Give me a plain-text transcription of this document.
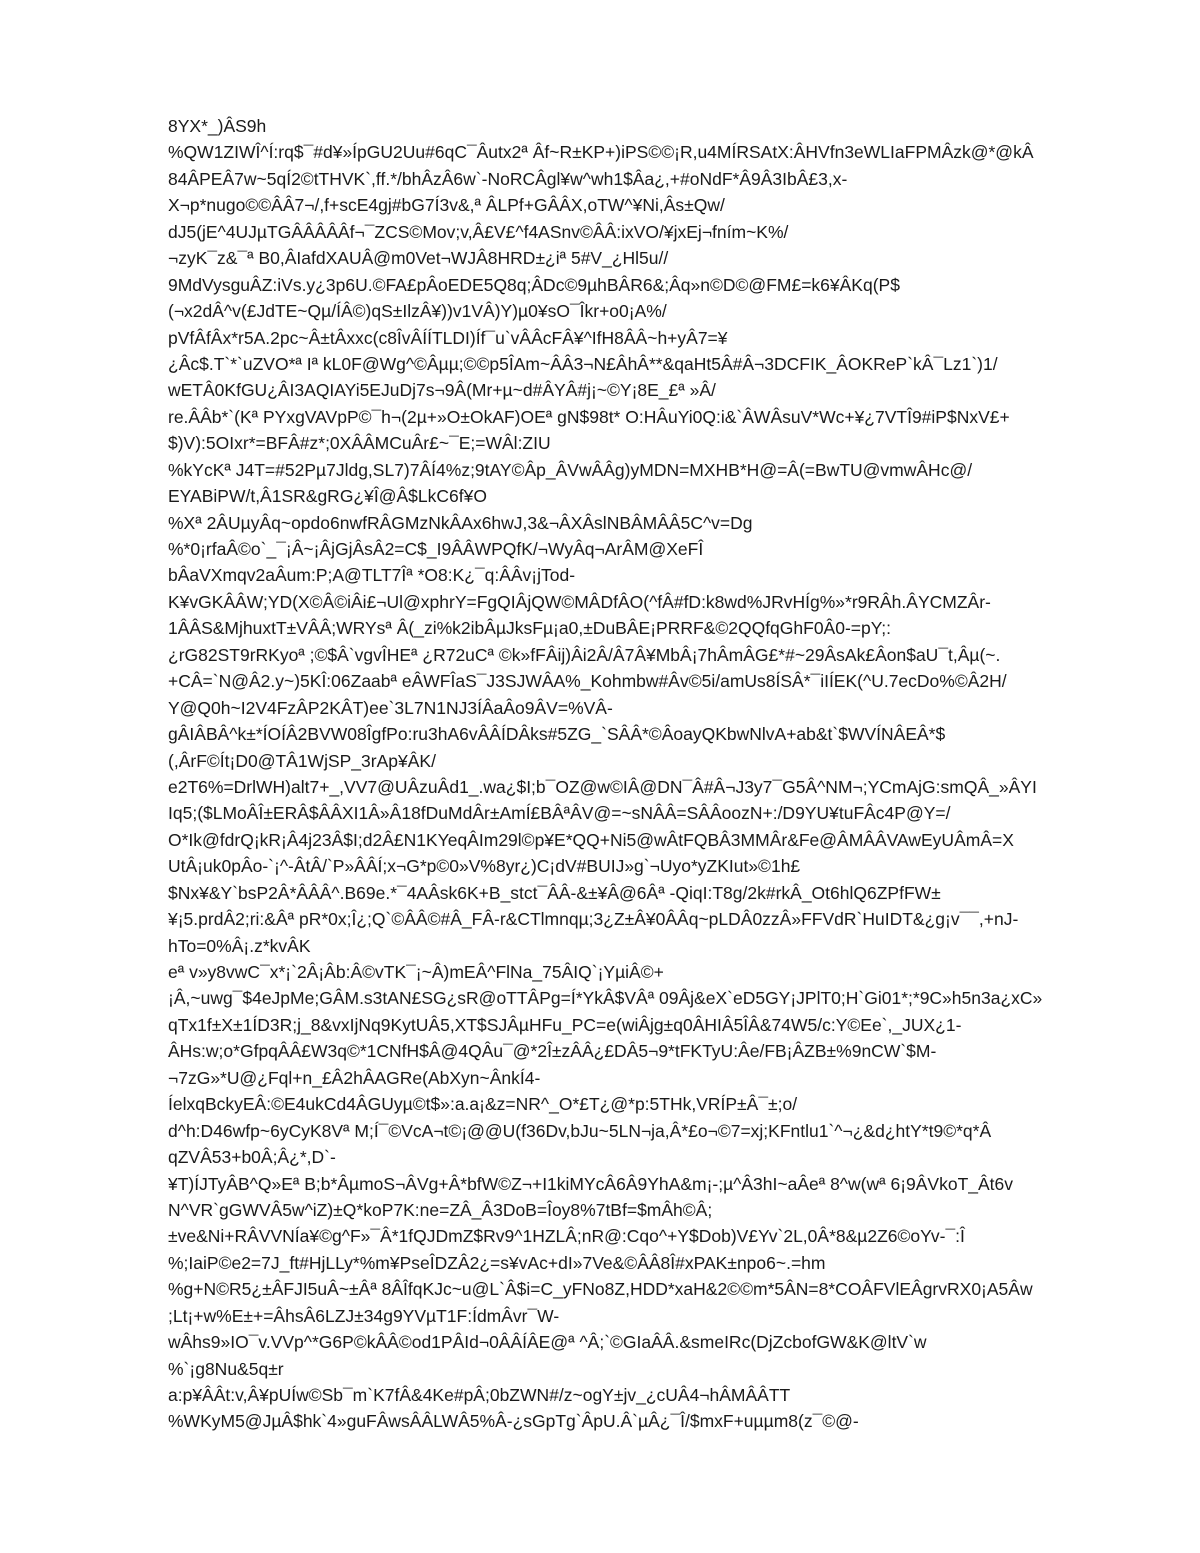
8YX*_)ÂS9h
%QW1ZIWÎ^Í:rq$¯#d¥»ÍpGU2Uu#6qC¯Âutx2ª Âf~R±KP+)iPS©©¡R,u4MÍRSAtX:ÂHVfn3eWLIaFPMÂzk@*@kÂ
84ÂPEÂ7w~5qÍ2©tTHVK`,ff.*/bhÂzÂ6w`-NoRCÂgl¥w^wh1$Âa¿,+#oNdF*Â9Â3IbÂ£3,x-
X¬p*nugo©©ÂÂ7¬/,f+scE4gj#bG7Í3v&,ª ÂLPf+GÂÂX,oTW^¥Ni,Âs±Qw/
dJ5(jE^4UJµTGÂÂÂÂÂf¬¯ZCS©Mov;v,Â£V£^f4ASnv©ÂÂ:ixVO/¥jxEj¬fním~K%/
¬zyK¯z&¯ª B0,ÂIafdXAUÂ@m0Vet¬WJÂ8HRD±¿iª 5#V_¿Hl5u//
9MdVysguÂZ:iVs.y¿3p6U.©FA£pÂoEDE5Q8q;ÂDc©9µhBÂR6&;Âq»n©D©@FM£=k6¥ÂKq(P$
(¬x2dÂ^v(£JdTE~Qµ/ÍÂ©)qS±IlzÂ¥))v1VÂ)Y)µ0¥sO¯Îkr+o0¡A%/
pVfÂfÂx*r5A.2pc~Â±tÂxxc(c8ÎvÂÍÍTLDI)Íf¯u`vÂÂcFÂ¥^IfH8ÂÂ~h+yÂ7=¥
¿Âc$.T`*`uZVO*ª Iª kL0F@Wg^©Âµµ;©©p5ÎAm~ÂÂ3¬N£ÂhÂ**&qaHt5Â#Â¬3DCFIK_ÂOKReP`kÂ¯Lz1`)1/
wETÂ0KfGU¿ÂI3AQIAYi5EJuDj7s¬9Â(Mr+µ~d#ÂYÂ#j¡~©Y¡8E_£ª »Â/
re.ÂÂb*`(Kª PYxgVAVpP©¯h¬(2µ+»O±OkAF)OEª gN$98t* O:HÂuYi0Q:i&`ÂWÂsuV*Wc+¥¿7VTÎ9#iP$NxV£+
$)V):5OIxr*=BFÂ#z*;0XÂÂMCuÂr£~¯E;=WÂl:ZIU
%kYcKª J4T=#52Pµ7Jldg,SL7)7ÂÍ4%z;9tAY©Âp_ÂVwÂÂg)yMDN=MXHB*H@=Â(=BwTU@vmwÂHc@/
EYABiPW/t,Â1SR&gRG¿¥Î@Â$LkC6f¥O
%Xª 2ÂUµyÂq~opdo6nwfRÂGMzNkÂAx6hwJ,3&¬ÂXÂslNBÂMÂÂ5C^v=Dg
%*0¡rfaÂ©o`_¯¡Â~¡ÂjGjÂsÂ2=C$_I9ÂÂWPQfK/¬WyÂq¬ArÂM@XeFÎ
bÂaVXmqv2aÂum:P;A@TLT7Îª *O8:K¿¯q:ÂÂv¡jTod-
K¥vGKÂÂW;YD(X©Â©iÂi£¬Ul@xphrY=FgQIÂjQW©MÂDfÂO(^fÂ#fD:k8wd%JRvHÍg%»*r9RÂh.ÂYCMZÂr-
1ÂÂS&MjhuxtT±VÂÂ;WRYsª Â(_zi%k2ibÂµJksFµ¡a0,±DuBÂE¡PRRF&©2QQfqGhF0Â0-=pY;:
¿rG82ST9rRKyoª ;©$Â`vgvÎHEª ¿R72uCª ©k»fFÂij)Âi2Â/Â7Â¥MbÂ¡7hÂmÂG£*#~29ÂsAk£Âon$aU¯t,Âµ(~.
+CÂ=`N@Â2.y~)5KÎ:06Zaabª eÂWFÎaS¯J3SJWÂA%_Kohmbw#Âv©5i/amUs8ÍSÂ*¯iIÍEK(^U.7ecDo%©Â2H/
Y@Q0h~I2V4FzÂP2KÂT)ee`3L7N1NJ3ÍÂaÂo9ÂV=%VÂ-
gÂIÂBÂ^k±*ÍOÍÂ2BVW08ÎgfPo:ru3hA6vÂÂÍDÂks#5ZG_`SÂÂ*©ÂoayQKbwNlvA+ab&t`$WVÍNÂEÂ*$
(,ÂrF©Ít¡D0@TÂ1WjSP_3rAp¥ÂK/
e2T6%=DrlWH)alt7+_,VV7@UÂzuÂd1_.wa¿$I;b¯OZ@w©IÂ@DN¯Â#Â¬J3y7¯G5Â^NM¬;YCmAjG:smQÂ_»ÂYI
Iq5;($LMoÂÎ±ERÂ$ÂÂXI1Â»Â18fDuMdÂr±AmÍ£BÂªÂV@=~sNÂÂ=SÂÂoozN+:/D9YU¥tuFÂc4P@Y=/
O*Ik@fdrQ¡kR¡Â4j23Â$I;d2Â£N1KYeqÂIm29l©p¥E*QQ+Ni5@wÂtFQBÂ3MMÂr&Fe@ÂMÂÂVAwEyUÂmÂ=X
UtÂ¡uk0pÂo-`¡^-ÂtÂ/`P»ÂÂÍ;x¬G*p©0»V%8yr¿)C¡dV#BUIJ»g`¬Uyo*yZKIut»©1h£
$Nx¥&Y`bsP2Â*ÂÂÂ^.B69e.*¯4AÂsk6K+B_stct¯ÂÂ-&±¥Â@6Âª -QiqI:T8g/2k#rkÂ_Ot6hlQ6ZPfFW±
¥¡5.prdÂ2;ri:&Âª pR*0x;Î¿;Q`©ÂÂ©#Â_FÂ-r&CTlmnqµ;3¿Z±Â¥0ÂÂq~pLDÂ0zzÂ»FFVdR`HuIDT&¿g¡v¯¯,+nJ-
hTo=0%Â¡.z*kvÂK
eª v»y8vwC¯x*¡`2Â¡Âb:Â©vTK¯¡~Â)mEÂ^FlNa_75ÂIQ`¡YµiÂ©+
¡Â,~uwg¯$4eJpMe;GÂM.s3tAN£SG¿sR@oTTÂPg=Í*YkÂ$VÂª 09Âj&eX`eD5GY¡JPlT0;H`Gi01*;*9C»h5n3a¿xC»
qTx1f±X±1ÍD3R;j_8&vxIjNq9KytUÂ5,XT$SJÂµHFu_PC=e(wiÂjg±q0ÂHIÂ5ÎÂ&74W5/c:Y©Ee`,_JUX¿1-
ÂHs:w;o*GfpqÂÂ£W3q©*1CNfH$Â@4QÂu¯@*2Î±zÂÂ¿£DÂ5¬9*tFKTyU:Âe/FB¡ÂZB±%9nCW`$M-
¬7zG»*U@¿Fql+n_£Â2hÂAGRe(AbXyn~ÂnkÍ4-
ÍelxqBckyEÂ:©E4ukCd4ÂGUyµ©t$»:a.a¡&z=NR^_O*£T¿@*p:5THk,VRÍP±Â¯±;o/
d^h:D46wfp~6yCyK8Vª M;Í¯©VcA¬t©¡@@U(f36Dv,bJu~5LN¬ja,Â*£o¬©7=xj;KFntlu1`^¬¿&d¿htY*t9©*q*Â
qZVÂ53+b0Â;Â¿*,D`-
¥T)ÍJTyÂB^Q»Eª B;b*ÂµmoS¬ÂVg+Â*bfW©Z¬+I1kiMYcÂ6Â9YhA&m¡-;µ^Â3hI~aÂeª 8^w(wª 6¡9ÂVkoT_Ât6v
N^VR`gGWVÂ5w^iZ)±Q*koP7K:ne=ZÂ_Â3DoB=Îoy8%7tBf=$mÂh©Â;
±ve&Ni+RÂVVNÍa¥©g^F»¯Â*1fQJDmZ$Rv9^1HZLÂ;nR@:Cqo^+Y$Dob)V£Yv`2L,0Â*8&µ2Z6©oYv-¯:Î
%;IaiP©e2=7J_ft#HjLLy*%m¥PseÎDZÂ2¿=s¥vAc+dI»7Ve&©ÂÂ8Î#xPAK±npo6~.=hm
%g+N©R5¿±ÂFJI5uÂ~±Âª 8ÂÎfqKJc~u@L`Â$i=C_yFNo8Z,HDD*xaH&2©©m*5ÂN=8*COÂFVlEÂgrvRX0¡A5Âw
;Lt¡+w%E±+=ÂhsÂ6LZJ±34g9YVµT1F:ÍdmÂvr¯W-
wÂhs9»IO¯v.VVp^*G6P©kÂÂ©od1PÂId¬0ÂÂÍÂE@ª ^Â;`©GIaÂÂ.&smeIRc(DjZcbofGW&K@ltV`w
%`¡g8Nu&5q±r
a:p¥ÂÂt:v,Â¥pUÍw©Sb¯m`K7fÂ&4Ke#pÂ;0bZWN#/z~ogY±jv_¿cUÂ4¬hÂMÂÂTT
%WKyM5@JµÂ$hk`4»guFÂwsÂÂLWÂ5%Â-¿sGpTg`ÂpU.Â`µÂ¿¯Î/$mxF+uµµm8(z¯©@-
